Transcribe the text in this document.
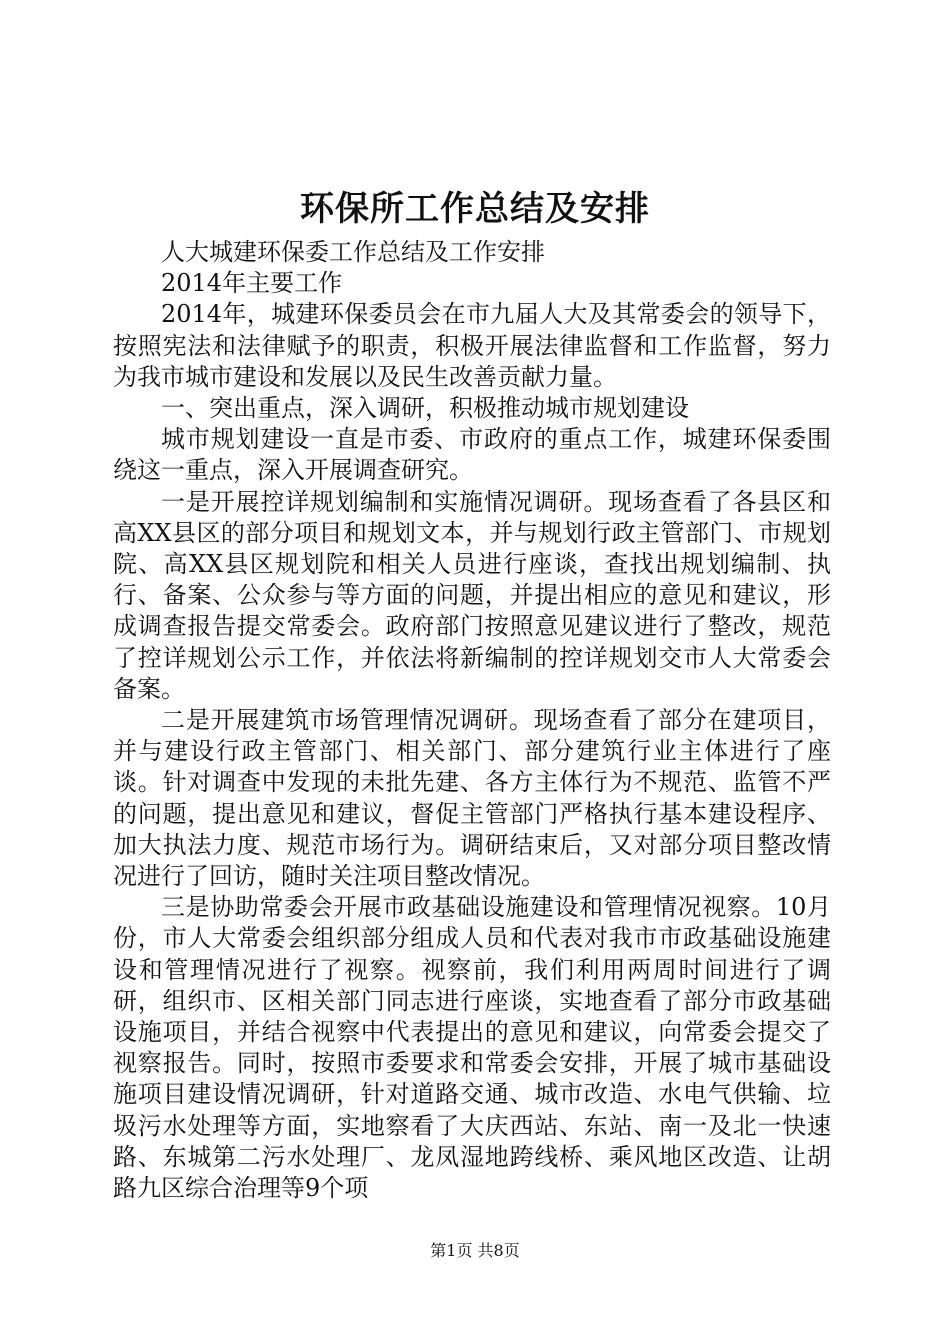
环保所工作总结及安排

人大城建环保委工作总结及工作安排

2014年主要工作

2014年，城建环保委员会在市九届人大及其常委会的领导下，按照宪法和法律赋予的职责，积极开展法律监督和工作监督，努力为我市城市建设和发展以及民生改善贡献力量。

一、突出重点，深入调研，积极推动城市规划建设

城市规划建设一直是市委、市政府的重点工作，城建环保委围绕这一重点，深入开展调查研究。

一是开展控详规划编制和实施情况调研。现场查看了各县区和高XX县区的部分项目和规划文本，并与规划行政主管部门、市规划院、高XX县区规划院和相关人员进行座谈，查找出规划编制、执行、备案、公众参与等方面的问题，并提出相应的意见和建议，形成调查报告提交常委会。政府部门按照意见建议进行了整改，规范了控详规划公示工作，并依法将新编制的控详规划交市人大常委会备案。

二是开展建筑市场管理情况调研。现场查看了部分在建项目，并与建设行政主管部门、相关部门、部分建筑行业主体进行了座谈。针对调查中发现的未批先建、各方主体行为不规范、监管不严的问题，提出意见和建议，督促主管部门严格执行基本建设程序、加大执法力度、规范市场行为。调研结束后，又对部分项目整改情况进行了回访，随时关注项目整改情况。

三是协助常委会开展市政基础设施建设和管理情况视察。10月份，市人大常委会组织部分组成人员和代表对我市市政基础设施建设和管理情况进行了视察。视察前，我们利用两周时间进行了调研，组织市、区相关部门同志进行座谈，实地查看了部分市政基础设施项目，并结合视察中代表提出的意见和建议，向常委会提交了视察报告。同时，按照市委要求和常委会安排，开展了城市基础设施项目建设情况调研，针对道路交通、城市改造、水电气供输、垃圾污水处理等方面，实地察看了大庆西站、东站、南一及北一快速路、东城第二污水处理厂、龙凤湿地跨线桥、乘风地区改造、让胡路九区综合治理等9个项

第1页 共8页
